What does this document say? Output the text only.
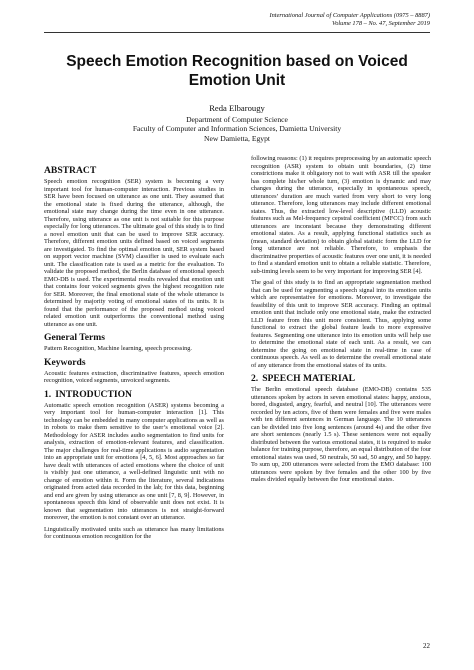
International Journal of Computer Applications (0975 – 8887)
Volume 178 – No. 47, September 2019
Speech Emotion Recognition based on Voiced Emotion Unit
Reda Elbarougy
Department of Computer Science
Faculty of Computer and Information Sciences, Damietta University
New Damietta, Egypt
ABSTRACT

Speech emotion recognition (SER) system is becoming a very important tool for human-computer interaction. Previous studies in SER have been focused on utterance as one unit. They assumed that the emotional state is fixed during the utterance, although, the emotional state may change during the time even in one utterance. Therefore, using utterance as one unit is not suitable for this purpose especially for long utterances. The ultimate goal of this study is to find a novel emotion unit that can be used to improve SER accuracy. Therefore, different emotion units defined based on voiced segments are investigated. To find the optimal emotion unit, SER system based on support vector machine (SVM) classifier is used to evaluate each unit. The classification rate is used as a metric for the evaluation. To validate the proposed method, the Berlin database of emotional speech EMO-DB is used. The experimental results revealed that emotion unit that contains four voiced segments gives the highest recognition rate for SER. Moreover, the final emotional state of the whole utterance is determined by majority voting of emotional states of its units. It is found that the performance of the proposed method using voiced related emotion unit outperforms the conventional method using utterance as one unit.

General Terms

Pattern Recognition, Machine learning, speech processing.

Keywords

Acoustic features extraction, discriminative features, speech emotion recognition, voiced segments, unvoiced segments.

1. INTRODUCTION

Automatic speech emotion recognition (ASER) systems becoming a very important tool for human-computer interaction [1]. This technology can be embedded in many computer applications as well as in robots to make them sensitive to the user’s emotional voice [2]. Methodology for ASER includes audio segmentation to find units for analysis, extraction of emotion-relevant features, and classification. The major challenges for real-time applications is audio segmentation into an appropriate unit for emotions [4, 5, 6]. Most approaches so far have dealt with utterances of acted emotions where the choice of unit is visibly just one utterance, a well-defined linguistic unit with no change of emotion within it. Form the literature, several indications originated from acted data recorded in the lab; for this data, beginning and end are given by using utterance as one unit [7, 8, 9]. However, in spontaneous speech this kind of observable unit does not exist. It is known that segmentation into utterances is not straight-forward moreover, the emotion is not constant over an utterance.

Linguistically motivated units such as utterance has many limitations for continuous emotion recognition for the

following reasons: (1) it requires preprocessing by an automatic speech recognition (ASR) system to obtain unit boundaries, (2) time constrictions make it obligatory not to wait with ASR till the speaker has complete his/her whole turn, (3) emotion is dynamic and may changes during the utterance, especially in spontaneous speech, utterances’ duration are much varied from very short to very long utterance. Therefore, long utterances may include different emotional states. Thus, the extracted low-level descriptive (LLD) acoustic features such as Mel-frequency cepstral coefficient (MFCC) from such utterances are inconstant because they demonstrating different emotional states. As a result, applying functional statistics such as (mean, standard deviation) to obtain global statistic form the LLD for long utterance are not reliable. Therefore, to emphasis the discriminative properties of acoustic features over one unit, it is needed to find a standard emotion unit to obtain a reliable statistic. Therefore, sub-timing levels seem to be very important for improving SER [4].

The goal of this study is to find an appropriate segmentation method that can be used for segmenting a speech signal into its emotion units which are representative for emotions. Moreover, to investigate the feasibility of this unit to improve SER accuracy. Finding an optimal emotion unit that include only one emotional state, make the extracted LLD feature from this unit more consistent. Thus, applying some functional to extract the global feature leads to more expressive features. Segmenting one utterance into its emotion units will help use to determine the emotional state of each unit. As a result, we can determine the going on emotional state in real-time in case of continuous speech. As well as to determine the overall emotional state of any utterance from the emotional states of its units.

2. SPEECH MATERIAL

The Berlin emotional speech database (EMO-DB) contains 535 utterances spoken by actors in seven emotional states: happy, anxious, bored, disgusted, angry, fearful, and neutral [10]. The utterances were recorded by ten actors, five of them were females and five were males with ten different sentences in German language. The 10 utterances can be divided into five long sentences (around 4s) and the other five are short sentences (nearly 1.5 s). These sentences were not equally distributed between the various emotional states, it is required to make balance for training purpose, therefore, an equal distribution of the four emotional states was used, 50 neutrals, 50 sad, 50 angry, and 50 happy. To sum up, 200 utterances were selected from the EMO database: 100 utterances were spoken by five females and the other 100 by five males divided equally between the four emotional states.

22
